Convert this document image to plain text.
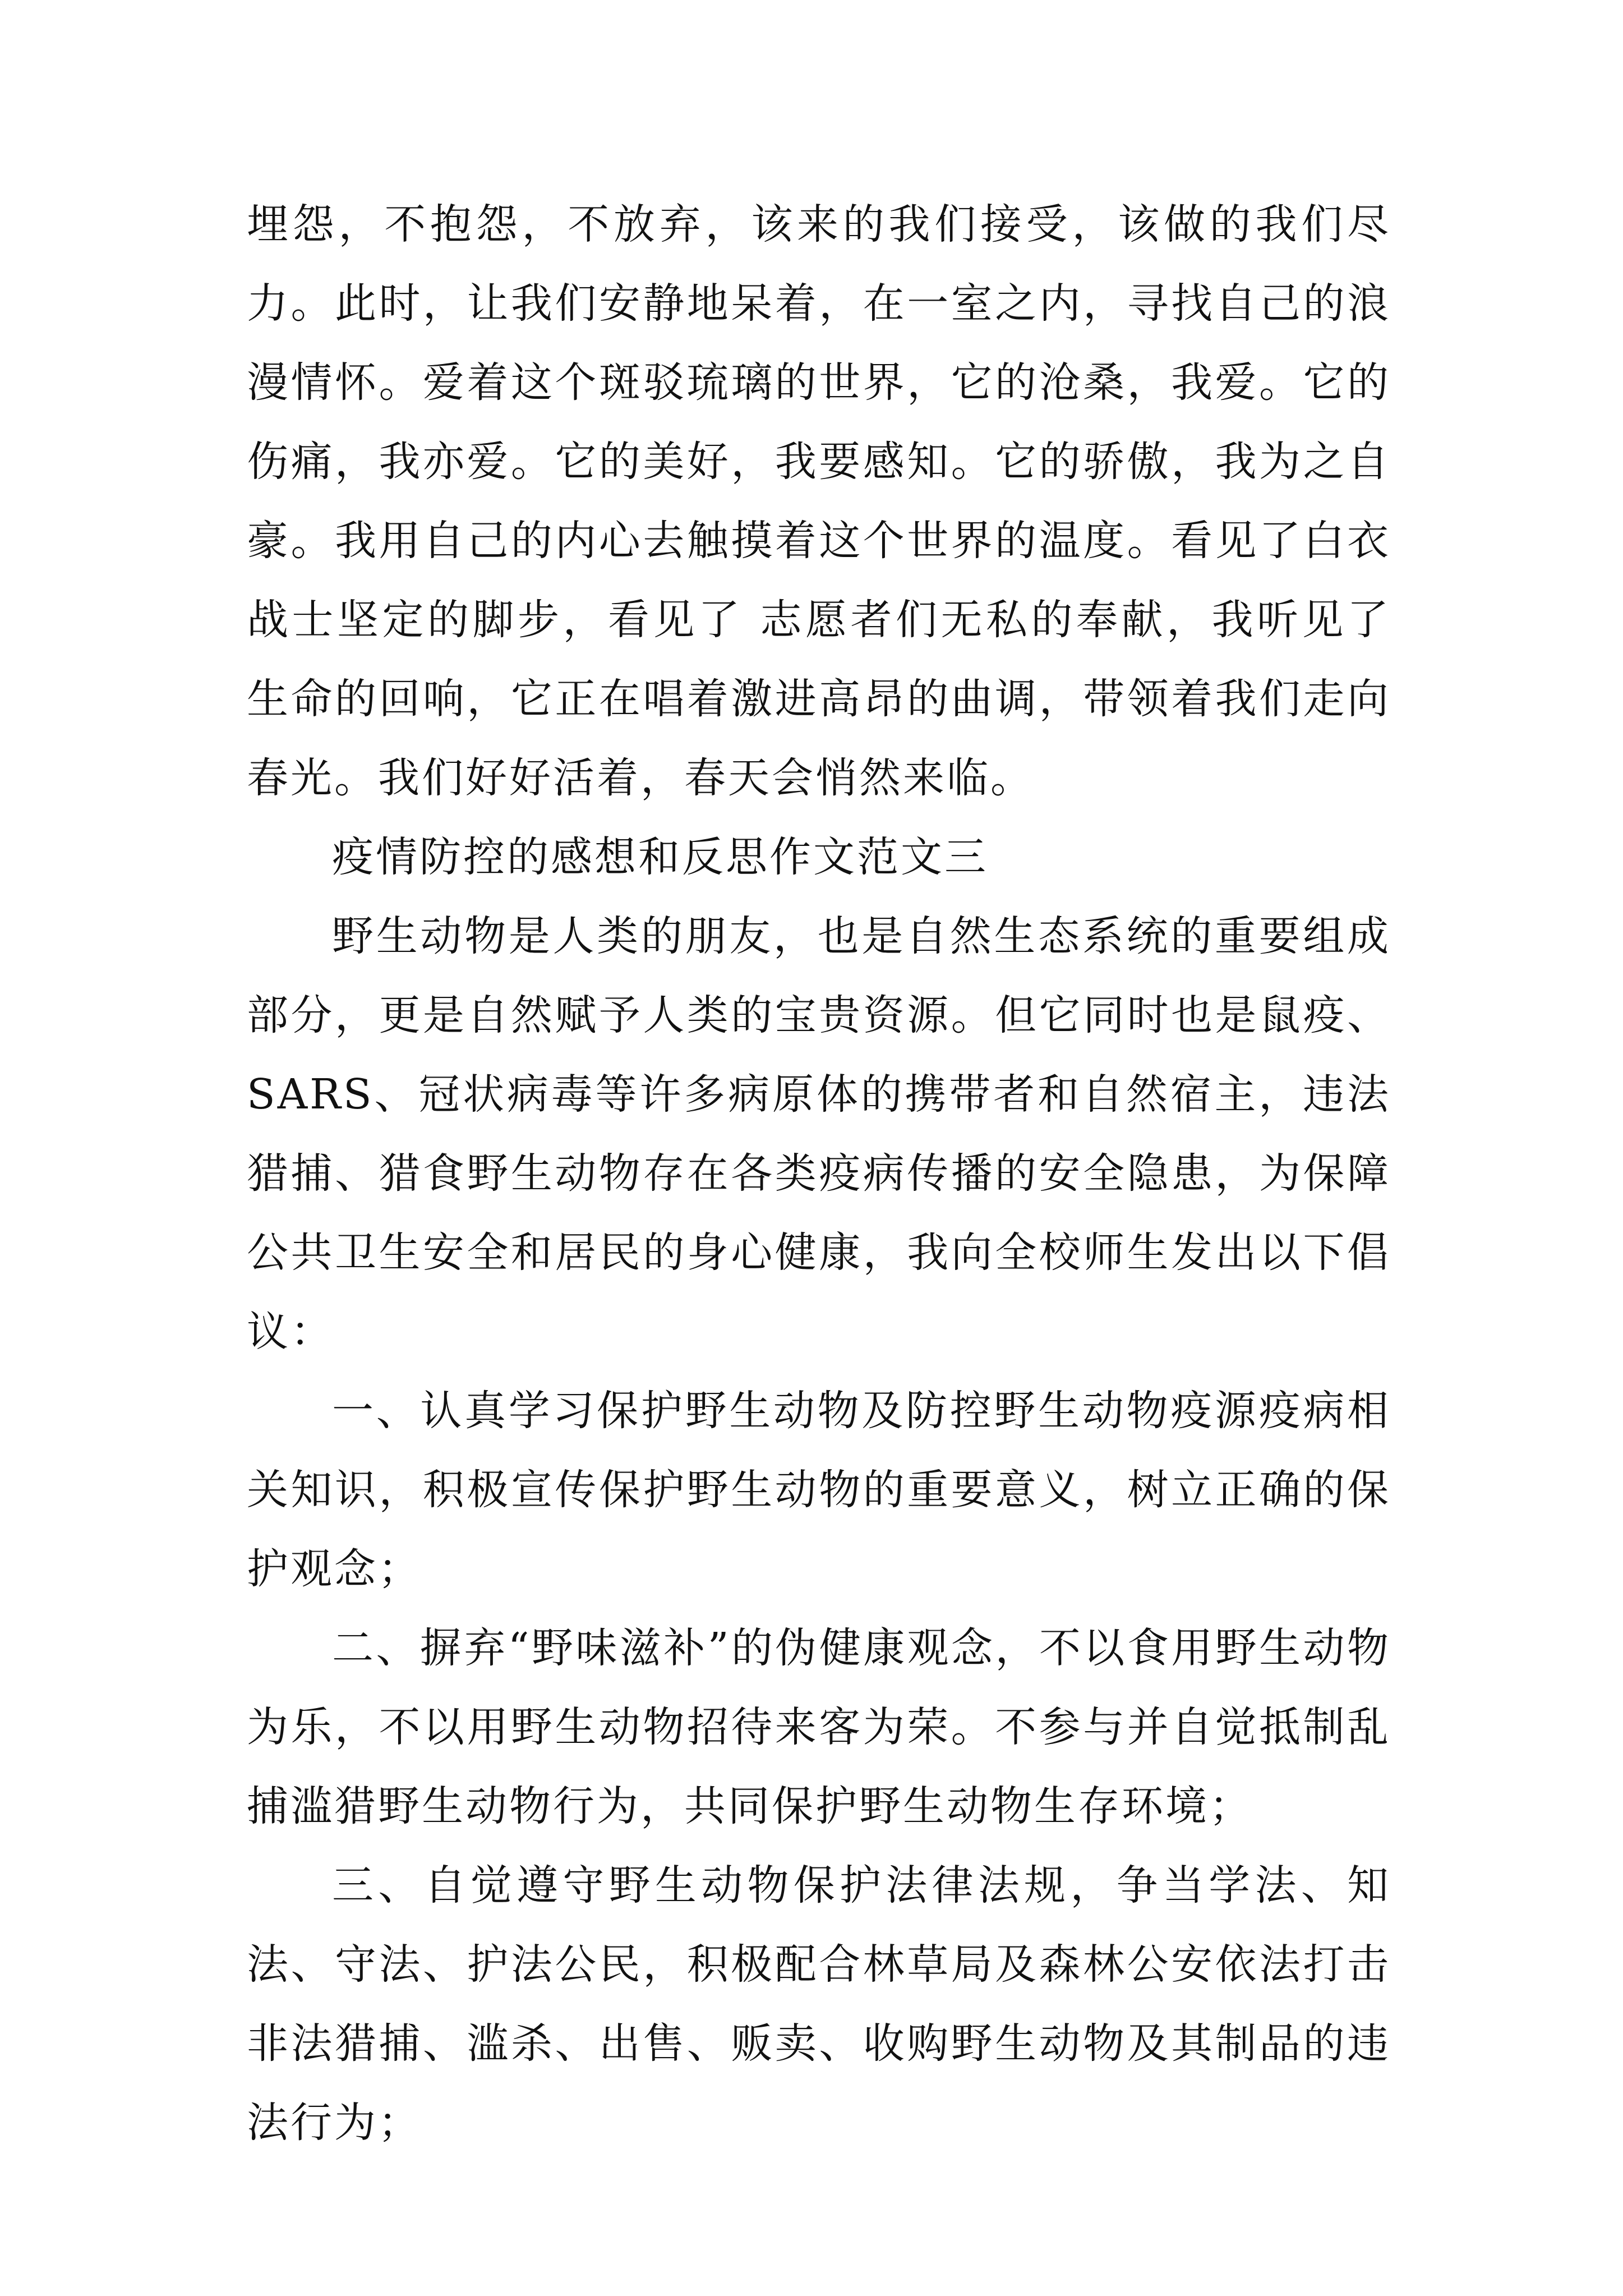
埋怨，不抱怨，不放弃，该来的我们接受，该做的我们尽力。此时，让我们安静地呆着，在一室之内，寻找自己的浪漫情怀。爱着这个斑驳琉璃的世界，它的沧桑，我爱。它的伤痛，我亦爱。它的美好，我要感知。它的骄傲，我为之自豪。我用自己的内心去触摸着这个世界的温度。看见了白衣战士坚定的脚步，看见了 志愿者们无私的奉献，我听见了生命的回响，它正在唱着激进高昂的曲调，带领着我们走向春光。我们好好活着，春天会悄然来临。

疫情防控的感想和反思作文范文三

野生动物是人类的朋友，也是自然生态系统的重要组成部分，更是自然赋予人类的宝贵资源。但它同时也是鼠疫、SARS、冠状病毒等许多病原体的携带者和自然宿主，违法猎捕、猎食野生动物存在各类疫病传播的安全隐患，为保障公共卫生安全和居民的身心健康，我向全校师生发出以下倡议：

一、认真学习保护野生动物及防控野生动物疫源疫病相关知识，积极宣传保护野生动物的重要意义，树立正确的保护观念；

二、摒弃“野味滋补”的伪健康观念，不以食用野生动物为乐，不以用野生动物招待来客为荣。不参与并自觉抵制乱捕滥猎野生动物行为，共同保护野生动物生存环境；

三、自觉遵守野生动物保护法律法规，争当学法、知法、守法、护法公民，积极配合林草局及森林公安依法打击非法猎捕、滥杀、出售、贩卖、收购野生动物及其制品的违法行为；
